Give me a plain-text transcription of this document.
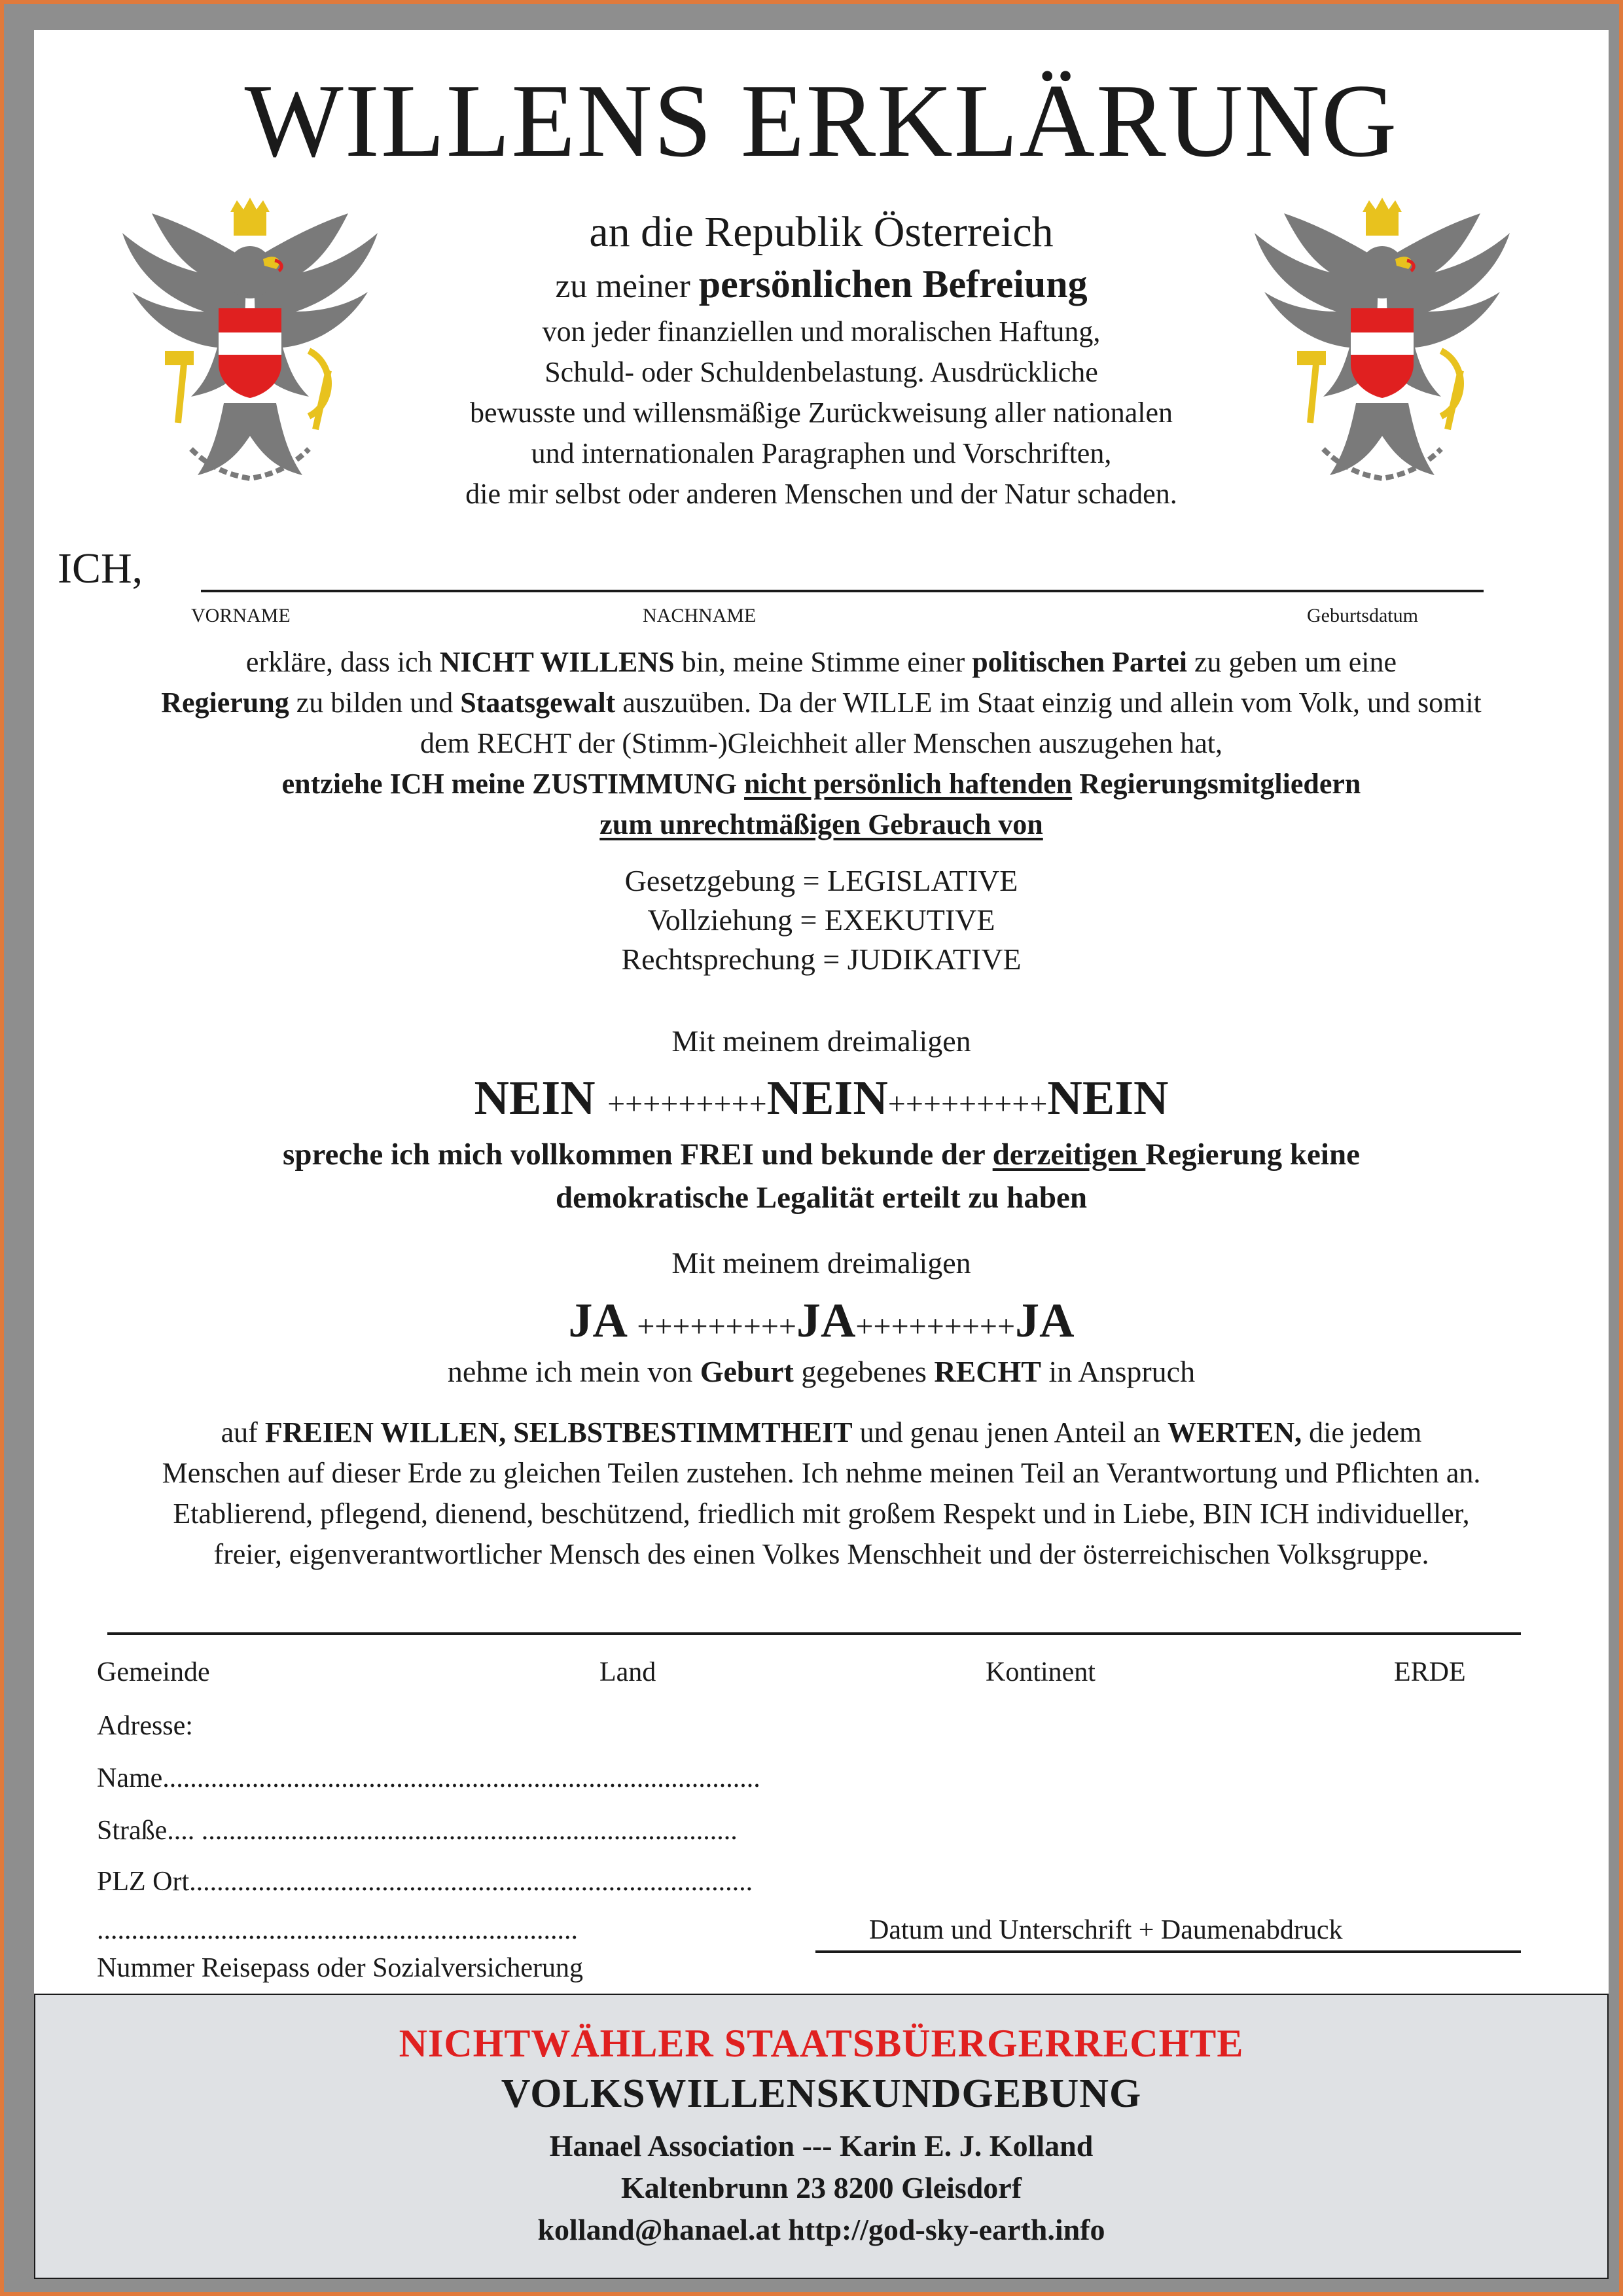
WILLENS ERKLÄRUNG
an die Republik Österreich
zu meiner persönlichen Befreiung
von jeder finanziellen und moralischen Haftung,
Schuld- oder Schuldenbelastung. Ausdrückliche
bewusste und willensmäßige Zurückweisung aller nationalen
und internationalen Paragraphen und Vorschriften,
die mir selbst oder anderen Menschen und der Natur schaden.
ICH,
VORNAME	NACHNAME	Geburtsdatum
erkläre, dass ich NICHT WILLENS bin, meine Stimme einer politischen Partei zu geben um eine
Regierung zu bilden und Staatsgewalt auszuüben. Da der WILLE im Staat einzig und allein vom Volk, und somit
dem RECHT der (Stimm-)Gleichheit aller Menschen auszugehen hat,
entziehe ICH meine ZUSTIMMUNG nicht persönlich haftenden Regierungsmitgliedern
zum unrechtmäßigen Gebrauch von
Gesetzgebung = LEGISLATIVE
Vollziehung = EXEKUTIVE
Rechtsprechung = JUDIKATIVE
Mit meinem dreimaligen
NEIN +++++++++NEIN+++++++++NEIN
spreche ich mich vollkommen FREI und bekunde der derzeitigen Regierung keine
demokratische Legalität erteilt zu haben
Mit meinem dreimaligen
JA +++++++++JA+++++++++JA
nehme ich mein von Geburt gegebenes RECHT in Anspruch
auf FREIEN WILLEN, SELBSTBESTIMMTHEIT und genau jenen Anteil an WERTEN, die jedem
Menschen auf dieser Erde zu gleichen Teilen zustehen. Ich nehme meinen Teil an Verantwortung und Pflichten an.
Etablierend, pflegend, dienend, beschützend, friedlich mit großem Respekt und in Liebe, BIN ICH individueller,
freier, eigenverantwortlicher Mensch des einen Volkes Menschheit und der österreichischen Volksgruppe.
Gemeinde	Land	Kontinent	ERDE
Adresse:
Name.......................................................................................
Straße.... ..............................................................................
PLZ Ort..................................................................................
......................................................................
Nummer Reisepass oder Sozialversicherung
Datum und Unterschrift + Daumenabdruck
NICHTWÄHLER STAATSBÜERGERRECHTE
VOLKSWILLENSKUNDGEBUNG
Hanael Association --- Karin E. J. Kolland
Kaltenbrunn 23 8200 Gleisdorf
kolland@hanael.at http://god-sky-earth.info
